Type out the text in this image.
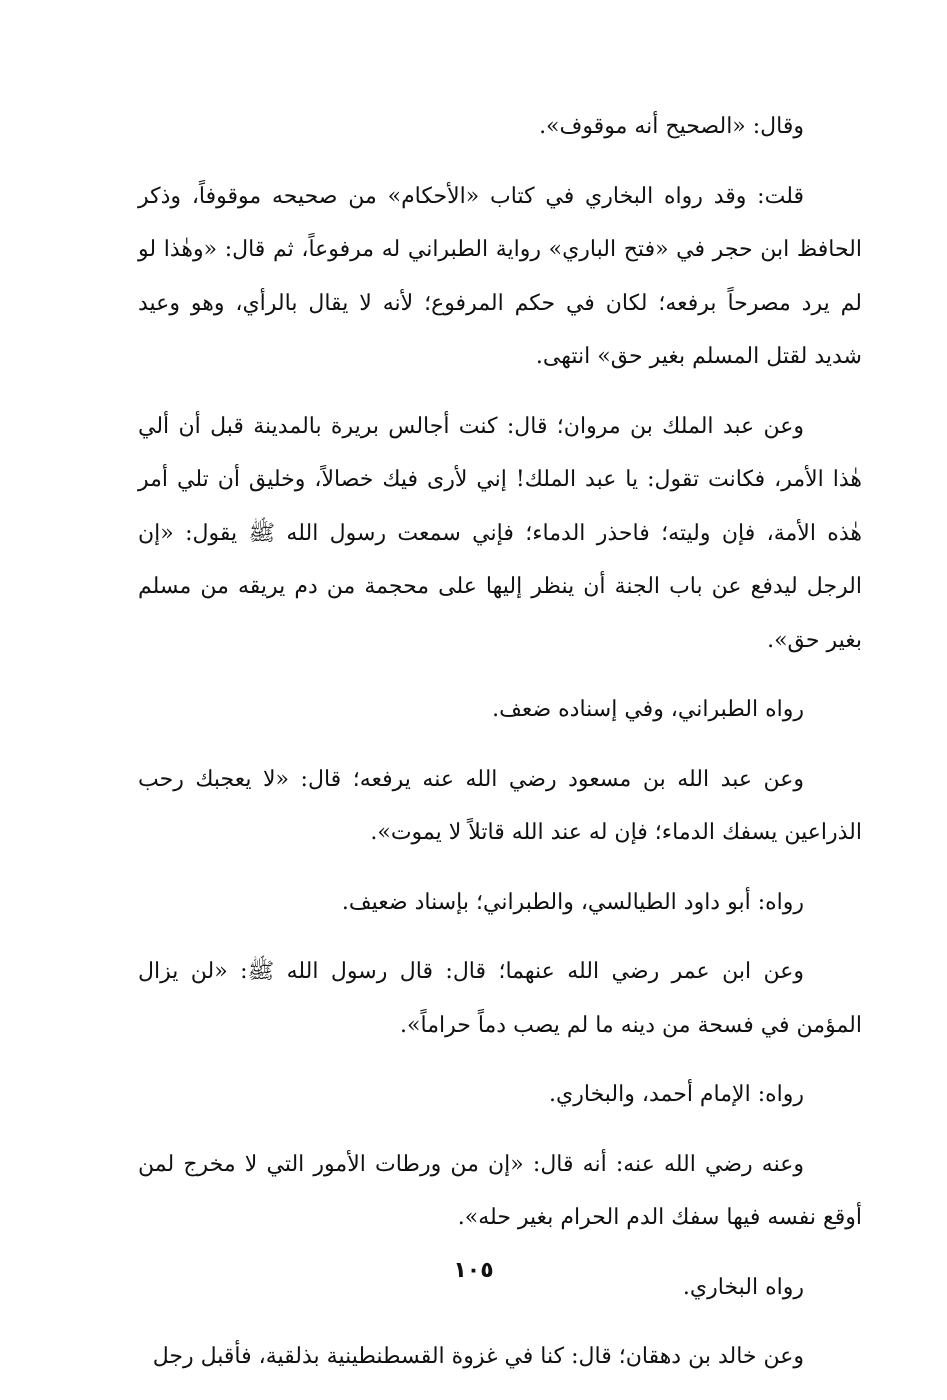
وقال: «الصحيح أنه موقوف».

قلت: وقد رواه البخاري في كتاب «الأحكام» من صحيحه موقوفاً، وذكر الحافظ ابن حجر في «فتح الباري» رواية الطبراني له مرفوعاً، ثم قال: «وهٰذا لو لم يرد مصرحاً برفعه؛ لكان في حكم المرفوع؛ لأنه لا يقال بالرأي، وهو وعيد شديد لقتل المسلم بغير حق» انتهى.

وعن عبد الملك بن مروان؛ قال: كنت أجالس بريرة بالمدينة قبل أن ألي هٰذا الأمر، فكانت تقول: يا عبد الملك! إني لأرى فيك خصالاً، وخليق أن تلي أمر هٰذه الأمة، فإن وليته؛ فاحذر الدماء؛ فإني سمعت رسول الله ﷺ يقول: «إن الرجل ليدفع عن باب الجنة أن ينظر إليها على محجمة من دم يريقه من مسلم بغير حق».

رواه الطبراني، وفي إسناده ضعف.

وعن عبد الله بن مسعود رضي الله عنه يرفعه؛ قال: «لا يعجبك رحب الذراعين يسفك الدماء؛ فإن له عند الله قاتلاً لا يموت».

رواه: أبو داود الطيالسي، والطبراني؛ بإسناد ضعيف.

وعن ابن عمر رضي الله عنهما؛ قال: قال رسول الله ﷺ: «لن يزال المؤمن في فسحة من دينه ما لم يصب دماً حراماً».

رواه: الإمام أحمد، والبخاري.

وعنه رضي الله عنه: أنه قال: «إن من ورطات الأمور التي لا مخرج لمن أوقع نفسه فيها سفك الدم الحرام بغير حله».

رواه البخاري.

وعن خالد بن دهقان؛ قال: كنا في غزوة القسطنطينية بذلقية، فأقبل رجل

١٠٥
